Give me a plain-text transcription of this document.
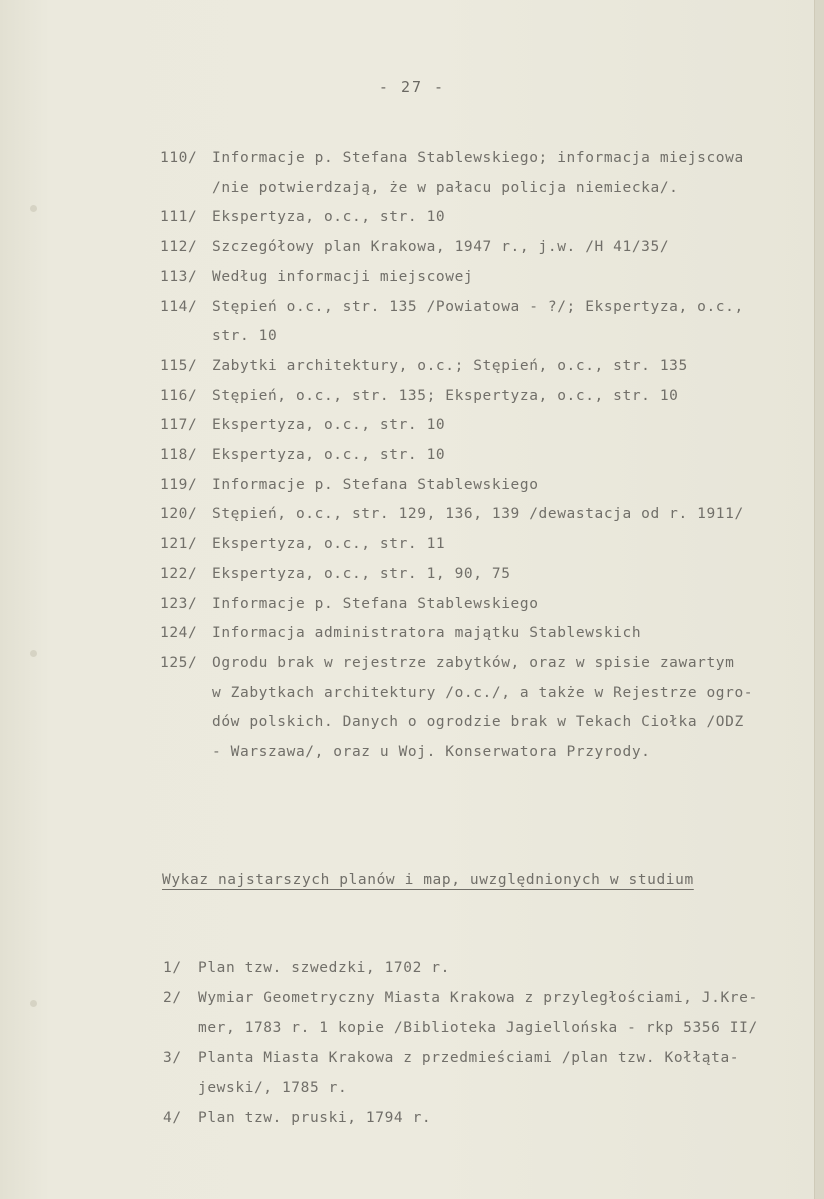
- 27 -
110/ Informacje p. Stefana Stablewskiego; informacja miejscowa
/nie potwierdzają, że w pałacu policja niemiecka/.
111/ Ekspertyza, o.c., str. 10
112/ Szczegółowy plan Krakowa, 1947 r., j.w. /H 41/35/
113/ Według informacji miejscowej
114/ Stępień o.c., str. 135 /Powiatowa - ?/; Ekspertyza, o.c.,
str. 10
115/ Zabytki architektury, o.c.; Stępień, o.c., str. 135
116/ Stępień, o.c., str. 135; Ekspertyza, o.c., str. 10
117/ Ekspertyza, o.c., str. 10
118/ Ekspertyza, o.c., str. 10
119/ Informacje p. Stefana Stablewskiego
120/ Stępień, o.c., str. 129, 136, 139 /dewastacja od r. 1911/
121/ Ekspertyza, o.c., str. 11
122/ Ekspertyza, o.c., str. 1, 90, 75
123/ Informacje p. Stefana Stablewskiego
124/ Informacja administratora majątku Stablewskich
125/ Ogrodu brak w rejestrze zabytków, oraz w spisie zawartym
w Zabytkach architektury /o.c./, a także w Rejestrze ogro-
dów polskich. Danych o ogrodzie brak w Tekach Ciołka /ODZ
- Warszawa/, oraz u Woj. Konserwatora Przyrody.
Wykaz najstarszych planów i map, uwzględnionych w studium
1/ Plan tzw. szwedzki, 1702 r.
2/ Wymiar Geometryczny Miasta Krakowa z przyległościami, J.Kre-
mer, 1783 r. 1 kopie /Biblioteka Jagiellońska - rkp 5356 II/
3/ Planta Miasta Krakowa z przedmieściami /plan tzw. Kołłąta-
jewski/, 1785 r.
4/ Plan tzw. pruski, 1794 r.
